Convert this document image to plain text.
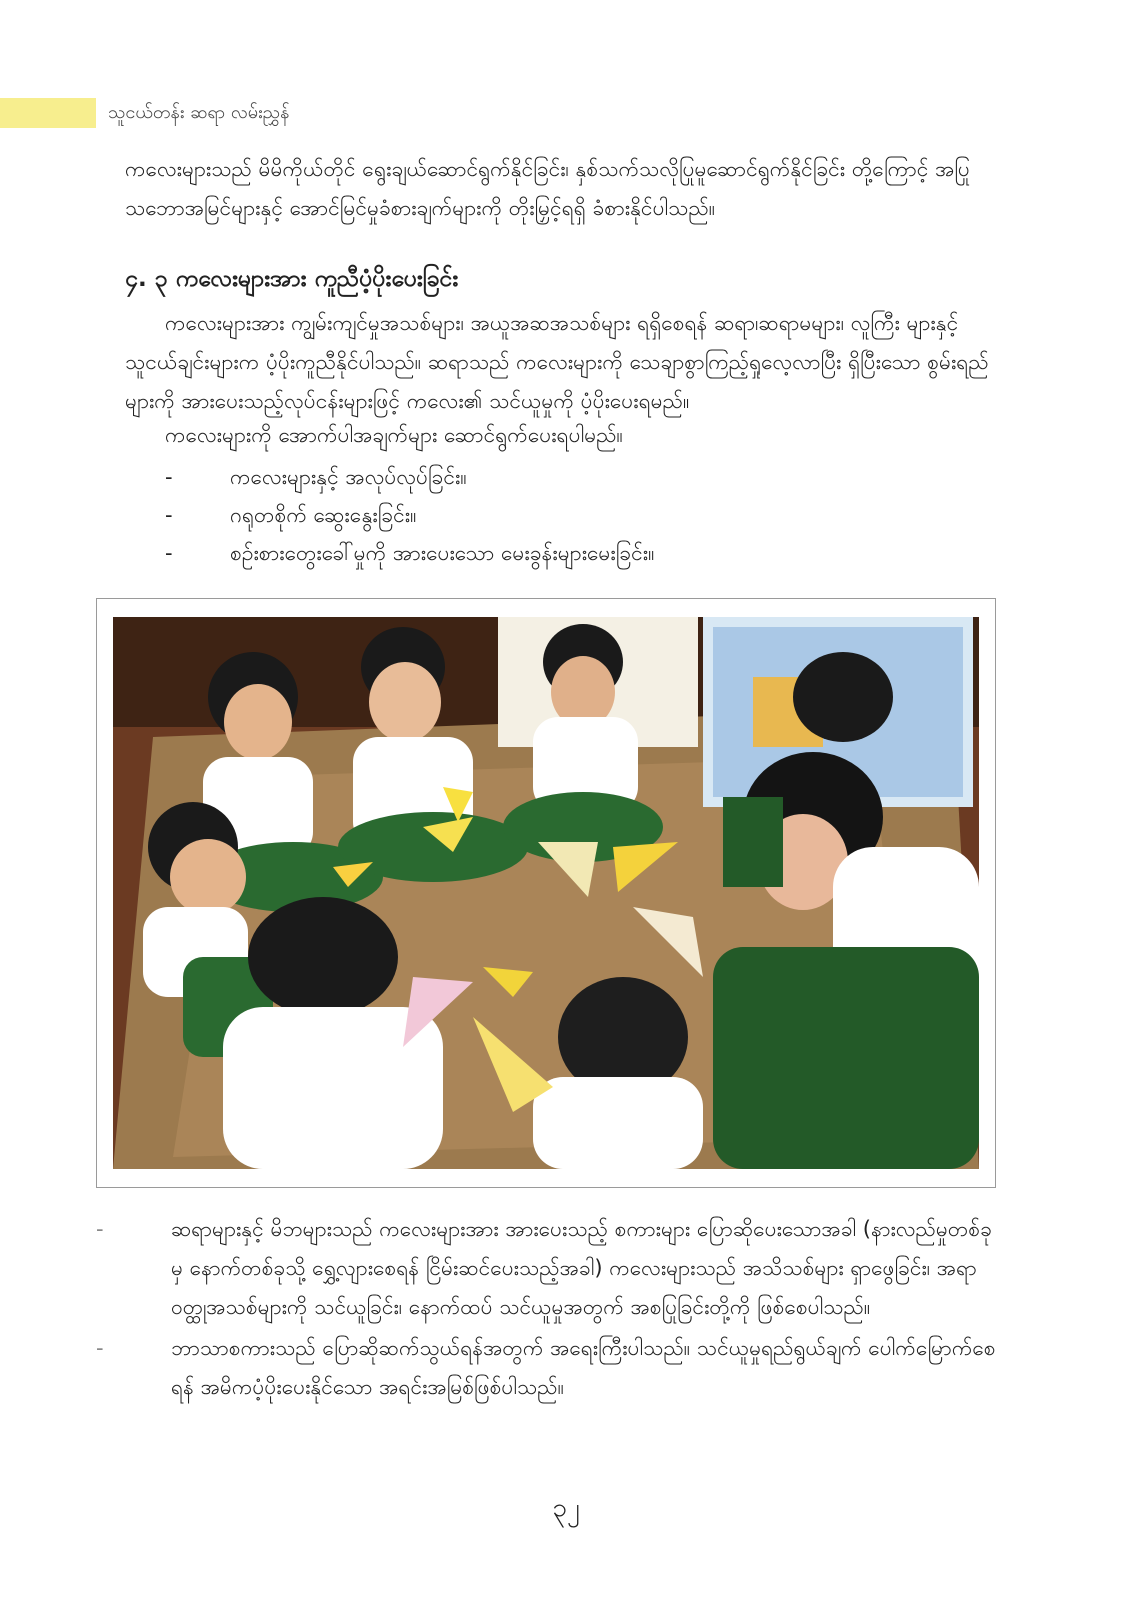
သူငယ်တန်း ဆရာ လမ်းညွှန်
ကလေးများသည် မိမိကိုယ်တိုင် ရွေးချယ်ဆောင်ရွက်နိုင်ခြင်း၊ နှစ်သက်သလိုပြုမူဆောင်ရွက်နိုင်ခြင်း တို့ကြောင့် အပြု သဘောအမြင်များနှင့် အောင်မြင်မှုခံစားချက်များကို တိုးမြှင့်ရရှိ ခံစားနိုင်ပါသည်။
၄. ၃ ကလေးများအား ကူညီပံ့ပိုးပေးခြင်း
ကလေးများအား ကျွမ်းကျင်မှုအသစ်များ၊ အယူအဆအသစ်များ ရရှိစေရန် ဆရာ၊ဆရာမများ၊ လူကြီး များနှင့် သူငယ်ချင်းများက ပံ့ပိုးကူညီနိုင်ပါသည်။ ဆရာသည် ကလေးများကို သေချာစွာကြည့်ရှုလေ့လာပြီး ရှိပြီးသော စွမ်းရည်များကို အားပေးသည့်လုပ်ငန်းများဖြင့် ကလေး၏ သင်ယူမှုကို ပံ့ပိုးပေးရမည်။
ကလေးများကို အောက်ပါအချက်များ ဆောင်ရွက်ပေးရပါမည်။
-	ကလေးများနှင့် အလုပ်လုပ်ခြင်း။
-	ဂရုတစိုက် ဆွေးနွေးခြင်း။
-	စဉ်းစားတွေးခေါ်မှုကို အားပေးသော မေးခွန်းများမေးခြင်း။
-	ဆရာများနှင့် မိဘများသည် ကလေးများအား အားပေးသည့် စကားများ ပြောဆိုပေးသောအခါ (နားလည်မှုတစ်ခုမှ နောက်တစ်ခုသို့ ရွှေ့လျားစေရန် ငြိမ်းဆင်ပေးသည့်အခါ) ကလေးများသည် အသိသစ်များ ရှာဖွေခြင်း၊ အရာဝတ္ထုအသစ်များကို သင်ယူခြင်း၊ နောက်ထပ် သင်ယူမှုအတွက် အစပြုခြင်းတို့ကို ဖြစ်စေပါသည်။
-	ဘာသာစကားသည် ပြောဆိုဆက်သွယ်ရန်အတွက် အရေးကြီးပါသည်။ သင်ယူမှုရည်ရွယ်ချက် ပေါက်မြောက်စေရန် အမိကပံ့ပိုးပေးနိုင်သော အရင်းအမြစ်ဖြစ်ပါသည်။
၃၂
